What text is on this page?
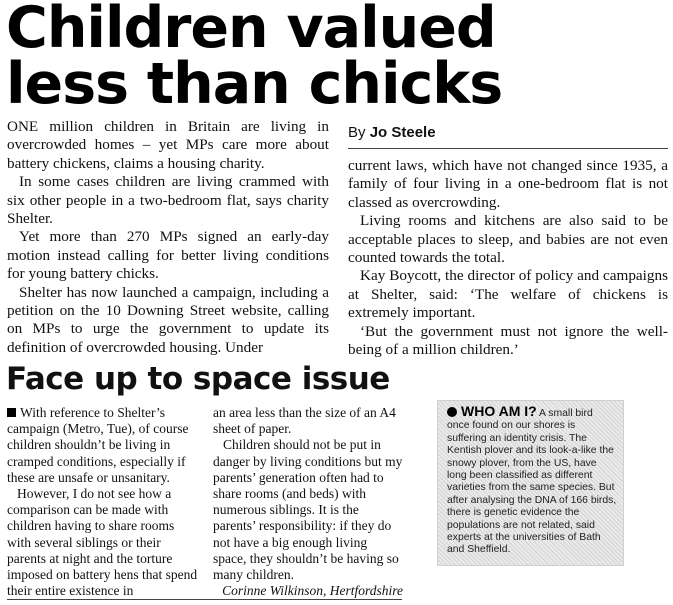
Children valued
less than chicks

ONE million children in Britain are living in overcrowded homes – yet MPs care more about battery chickens, claims a housing charity.

In some cases children are living crammed with six other people in a two-bedroom flat, says charity Shelter.

Yet more than 270 MPs signed an early-day motion instead calling for better living conditions for young battery chicks.

Shelter has now launched a campaign, including a petition on the 10 Downing Street website, calling on MPs to urge the government to update its definition of overcrowded housing. Under

By Jo Steele

current laws, which have not changed since 1935, a family of four living in a one-bedroom flat is not classed as overcrowding.

Living rooms and kitchens are also said to be acceptable places to sleep, and babies are not even counted towards the total.

Kay Boycott, the director of policy and campaigns at Shelter, said: ‘The welfare of chickens is extremely important.

‘But the government must not ignore the well-being of a million children.’

Face up to space issue

With reference to Shelter’s campaign (Metro, Tue), of course children shouldn’t be living in cramped conditions, especially if these are unsafe or unsanitary.

However, I do not see how a comparison can be made with children having to share rooms with several siblings or their parents at night and the torture imposed on battery hens that spend their entire existence in

an area less than the size of an A4 sheet of paper.

Children should not be put in danger by living conditions but my parents’ generation often had to share rooms (and beds) with numerous siblings. It is the parents’ responsibility: if they do not have a big enough living space, they shouldn’t be having so many children.

Corinne Wilkinson, Hertfordshire

WHO AM I? A small bird once found on our shores is suffering an identity crisis. The Kentish plover and its look-a-like the snowy plover, from the US, have long been classified as different varieties from the same species. But after analysing the DNA of 166 birds, there is genetic evidence the populations are not related, said experts at the universities of Bath and Sheffield.
